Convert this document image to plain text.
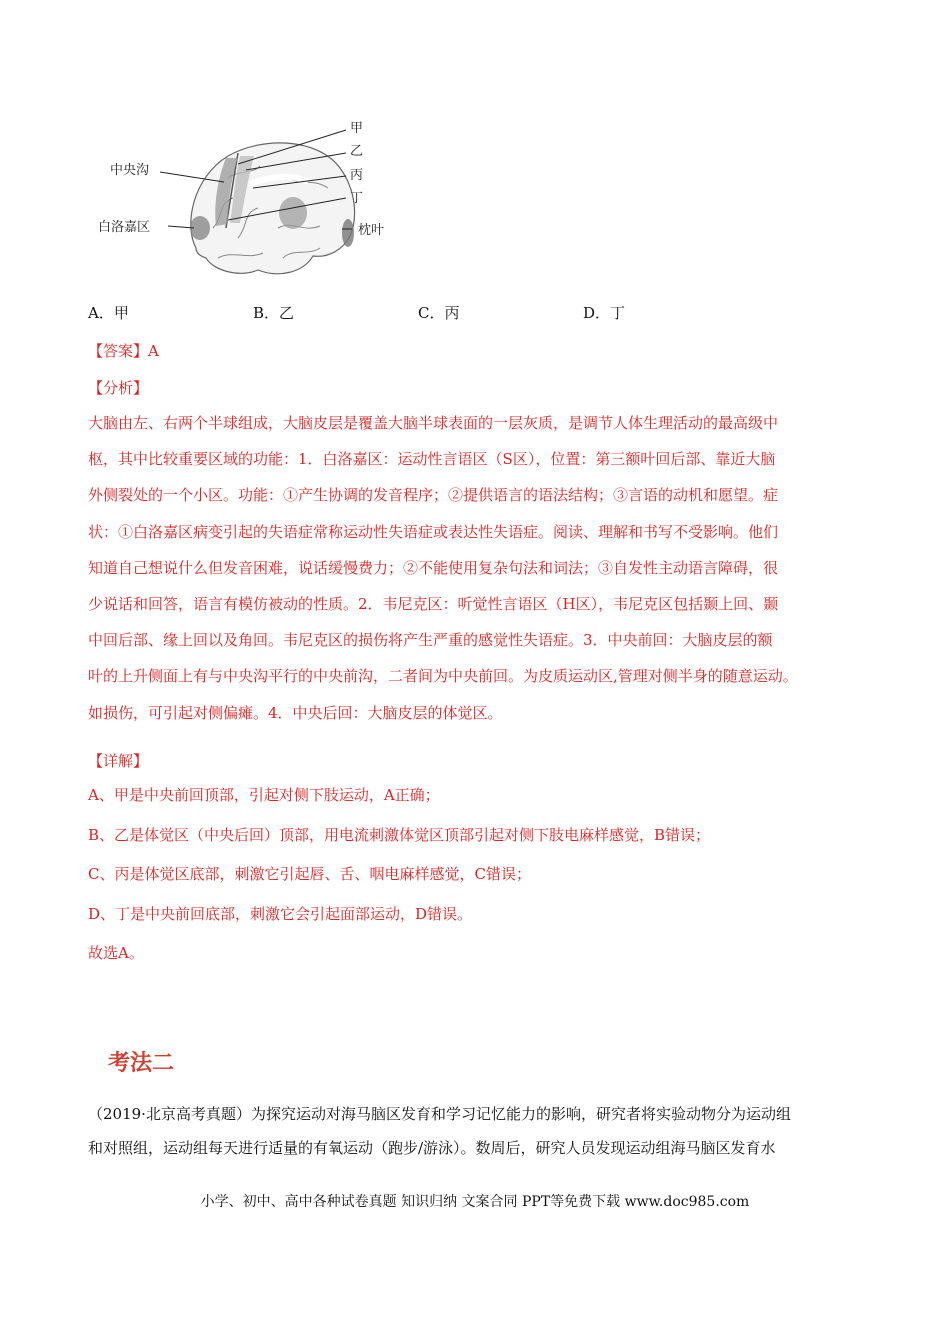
中央沟
白洛嘉区
甲
乙
丙
丁
枕叶
A．甲	B．乙	C．丙	D．丁
【答案】A
【分析】

大脑由左、右两个半球组成，大脑皮层是覆盖大脑半球表面的一层灰质，是调节人体生理活动的最高级中

枢，其中比较重要区域的功能：1．白洛嘉区：运动性言语区（S区），位置：第三额叶回后部、靠近大脑

外侧裂处的一个小区。功能：①产生协调的发音程序；②提供语言的语法结构；③言语的动机和愿望。症

状：①白洛嘉区病变引起的失语症常称运动性失语症或表达性失语症。阅读、理解和书写不受影响。他们

知道自己想说什么但发音困难，说话缓慢费力；②不能使用复杂句法和词法；③自发性主动语言障碍，很

少说话和回答，语言有模仿被动的性质。2．韦尼克区：听觉性言语区（H区），韦尼克区包括颞上回、颞

中回后部、缘上回以及角回。韦尼克区的损伤将产生严重的感觉性失语症。3．中央前回：大脑皮层的额

叶的上升侧面上有与中央沟平行的中央前沟，二者间为中央前回。为皮质运动区,管理对侧半身的随意运动。

如损伤，可引起对侧偏瘫。4．中央后回：大脑皮层的体觉区。

【详解】

A、甲是中央前回顶部，引起对侧下肢运动，A正确；

B、乙是体觉区（中央后回）顶部，用电流刺激体觉区顶部引起对侧下肢电麻样感觉，B错误；

C、丙是体觉区底部，刺激它引起唇、舌、咽电麻样感觉，C错误；

D、丁是中央前回底部，刺激它会引起面部运动，D错误。

故选A。

考法二

（2019·北京高考真题）为探究运动对海马脑区发育和学习记忆能力的影响，研究者将实验动物分为运动组

和对照组，运动组每天进行适量的有氧运动（跑步/游泳）。数周后，研究人员发现运动组海马脑区发育水

小学、初中、高中各种试卷真题 知识归纳 文案合同 PPT等免费下载 www.doc985.com
